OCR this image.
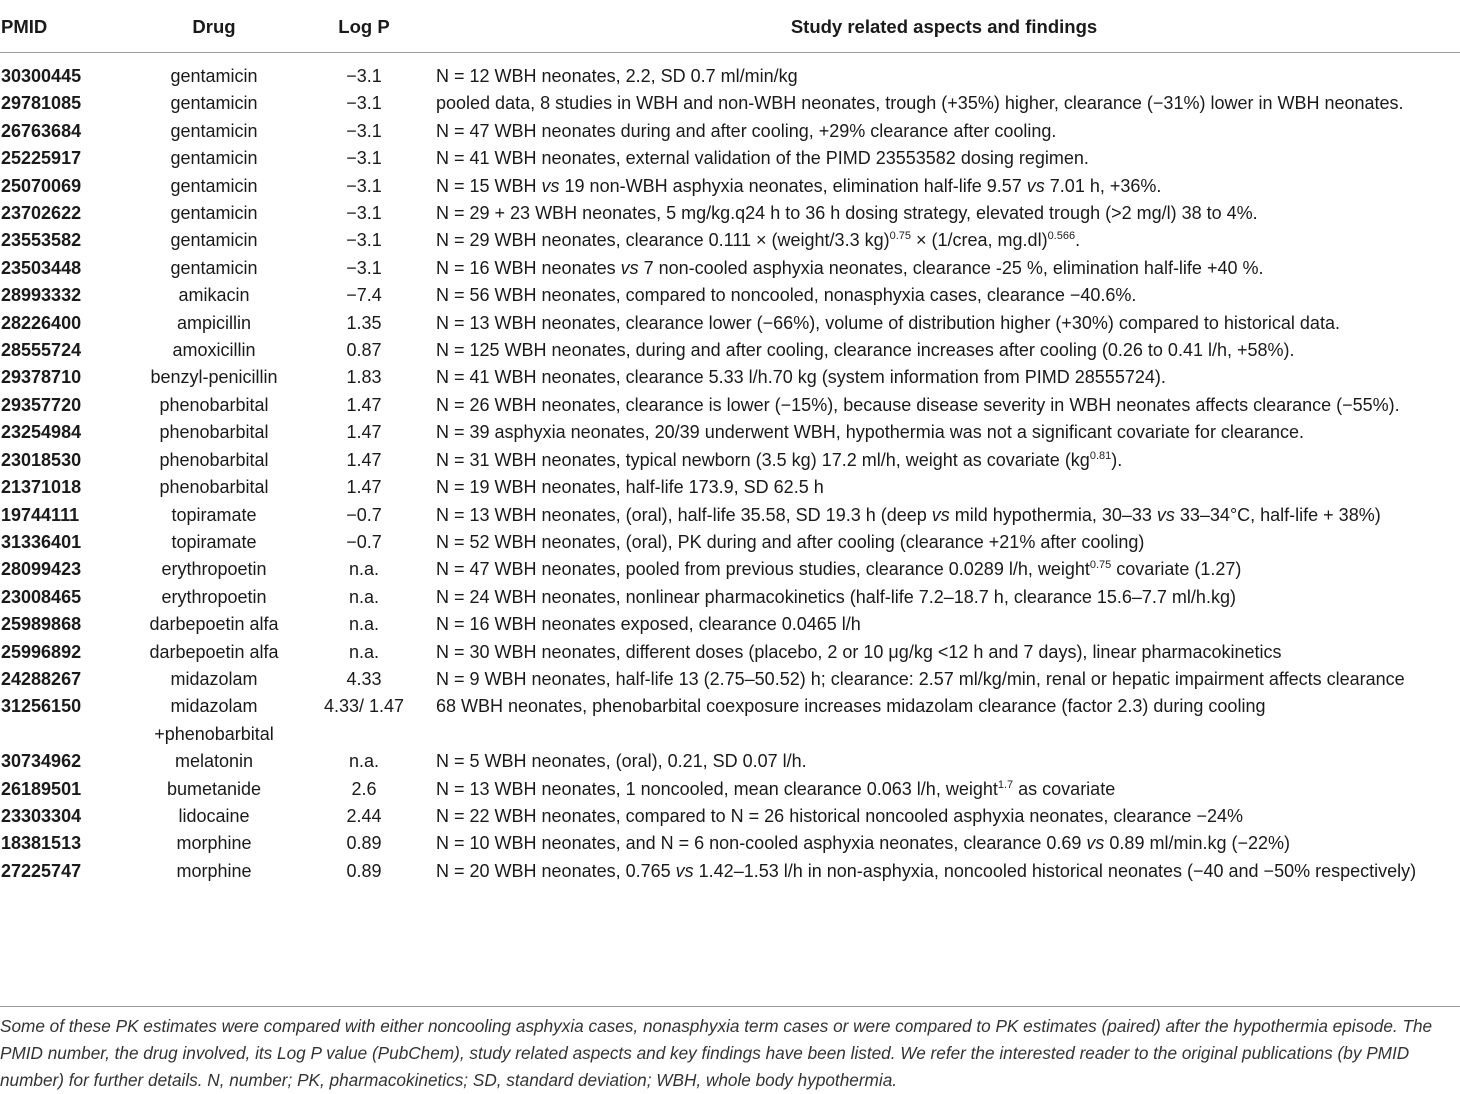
PMID	Drug	Log P	Study related aspects and findings

30300445	gentamicin	−3.1	N = 12 WBH neonates, 2.2, SD 0.7 ml/min/kg
29781085	gentamicin	−3.1	pooled data, 8 studies in WBH and non-WBH neonates, trough (+35%) higher, clearance (−31%) lower in WBH neonates.
26763684	gentamicin	−3.1	N = 47 WBH neonates during and after cooling, +29% clearance after cooling.
25225917	gentamicin	−3.1	N = 41 WBH neonates, external validation of the PIMD 23553582 dosing regimen.
25070069	gentamicin	−3.1	N = 15 WBH vs 19 non-WBH asphyxia neonates, elimination half-life 9.57 vs 7.01 h, +36%.
23702622	gentamicin	−3.1	N = 29 + 23 WBH neonates, 5 mg/kg.q24 h to 36 h dosing strategy, elevated trough (>2 mg/l) 38 to 4%.
23553582	gentamicin	−3.1	N = 29 WBH neonates, clearance 0.111 × (weight/3.3 kg)$^{0.75}$ × (1/crea, mg.dl)$^{0.566}$.
23503448	gentamicin	−3.1	N = 16 WBH neonates vs 7 non-cooled asphyxia neonates, clearance -25 %, elimination half-life +40 %.
28993332	amikacin	−7.4	N = 56 WBH neonates, compared to noncooled, nonasphyxia cases, clearance −40.6%.
28226400	ampicillin	1.35	N = 13 WBH neonates, clearance lower (−66%), volume of distribution higher (+30%) compared to historical data.
28555724	amoxicillin	0.87	N = 125 WBH neonates, during and after cooling, clearance increases after cooling (0.26 to 0.41 l/h, +58%).
29378710	benzyl-penicillin	1.83	N = 41 WBH neonates, clearance 5.33 l/h.70 kg (system information from PIMD 28555724).
29357720	phenobarbital	1.47	N = 26 WBH neonates, clearance is lower (−15%), because disease severity in WBH neonates affects clearance (−55%).
23254984	phenobarbital	1.47	N = 39 asphyxia neonates, 20/39 underwent WBH, hypothermia was not a significant covariate for clearance.
23018530	phenobarbital	1.47	N = 31 WBH neonates, typical newborn (3.5 kg) 17.2 ml/h, weight as covariate $(kg^{0.81})$.
21371018	phenobarbital	1.47	N = 19 WBH neonates, half-life 173.9, SD 62.5 h
19744111	topiramate	−0.7	N = 13 WBH neonates, (oral), half-life 35.58, SD 19.3 h (deep vs mild hypothermia, 30–33 vs 33–34°C, half-life + 38%)
31336401	topiramate	−0.7	N = 52 WBH neonates, (oral), PK during and after cooling (clearance +21% after cooling)
28099423	erythropoetin	n.a.	N = 47 WBH neonates, pooled from previous studies, clearance 0.0289 l/h, weight$^{0.75}$ covariate (1.27)
23008465	erythropoetin	n.a.	N = 24 WBH neonates, nonlinear pharmacokinetics (half-life 7.2–18.7 h, clearance 15.6–7.7 ml/h.kg)
25989868	darbepoetin alfa	n.a.	N = 16 WBH neonates exposed, clearance 0.0465 l/h
25996892	darbepoetin alfa	n.a.	N = 30 WBH neonates, different doses (placebo, 2 or 10 μg/kg <12 h and 7 days), linear pharmacokinetics
24288267	midazolam	4.33	N = 9 WBH neonates, half-life 13 (2.75–50.52) h; clearance: 2.57 ml/kg/min, renal or hepatic impairment affects clearance
31256150	midazolam +phenobarbital	4.33/ 1.47	68 WBH neonates, phenobarbital coexposure increases midazolam clearance (factor 2.3) during cooling
30734962	melatonin	n.a.	N = 5 WBH neonates, (oral), 0.21, SD 0.07 l/h.
26189501	bumetanide	2.6	N = 13 WBH neonates, 1 noncooled, mean clearance 0.063 l/h, weight$^{1.7}$ as covariate
23303304	lidocaine	2.44	N = 22 WBH neonates, compared to N = 26 historical noncooled asphyxia neonates, clearance −24%
18381513	morphine	0.89	N = 10 WBH neonates, and N = 6 non-cooled asphyxia neonates, clearance 0.69 vs 0.89 ml/min.kg (−22%)
27225747	morphine	0.89	N = 20 WBH neonates, 0.765 vs 1.42–1.53 l/h in non-asphyxia, noncooled historical neonates (−40 and −50% respectively)
Some of these PK estimates were compared with either noncooling asphyxia cases, nonasphyxia term cases or were compared to PK estimates (paired) after the hypothermia episode. The PMID number, the drug involved, its Log P value (PubChem), study related aspects and key findings have been listed. We refer the interested reader to the original publications (by PMID number) for further details. N, number; PK, pharmacokinetics; SD, standard deviation; WBH, whole body hypothermia.
